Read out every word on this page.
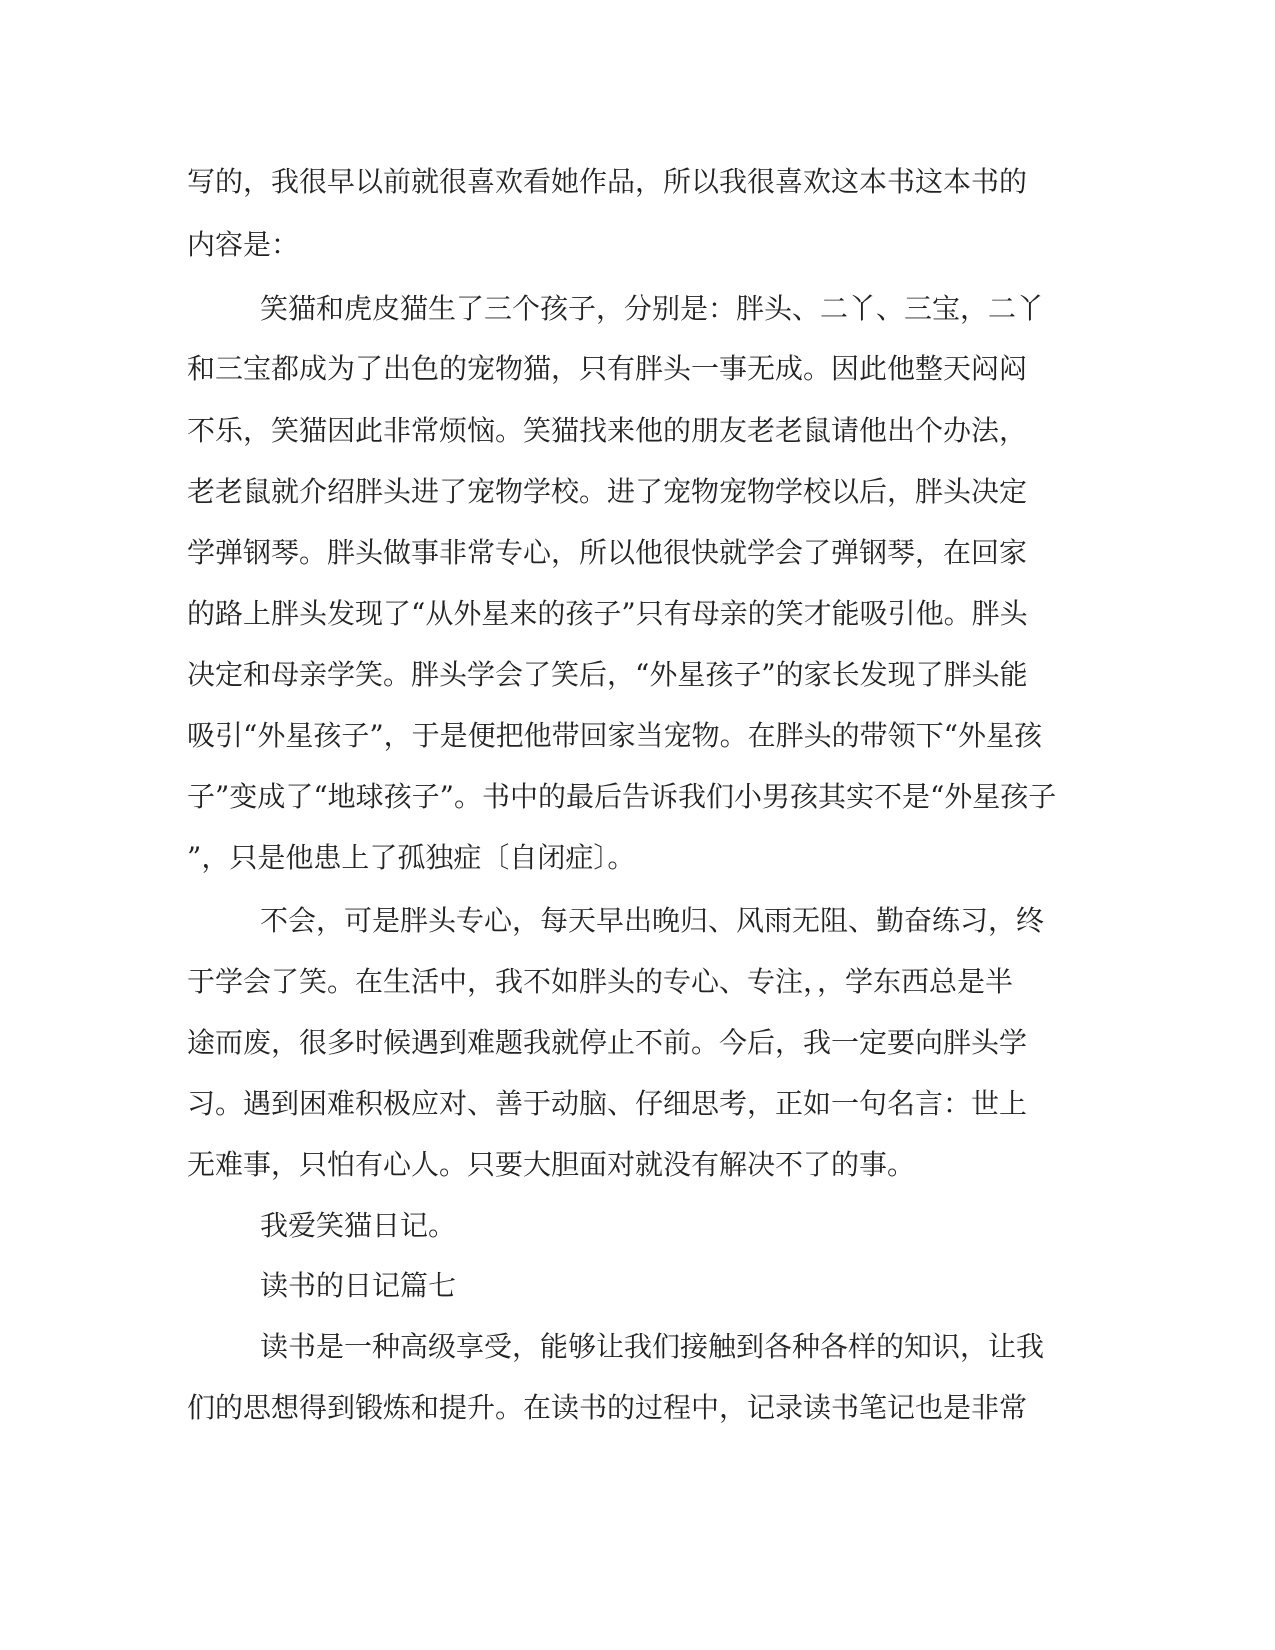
写的，我很早以前就很喜欢看她作品，所以我很喜欢这本书这本书的
内容是：
笑猫和虎皮猫生了三个孩子，分别是：胖头、二丫、三宝，二丫
和三宝都成为了出色的宠物猫，只有胖头一事无成。因此他整天闷闷
不乐，笑猫因此非常烦恼。笑猫找来他的朋友老老鼠请他出个办法，
老老鼠就介绍胖头进了宠物学校。进了宠物宠物学校以后，胖头决定
学弹钢琴。胖头做事非常专心，所以他很快就学会了弹钢琴，在回家
的路上胖头发现了“从外星来的孩子”只有母亲的笑才能吸引他。胖头
决定和母亲学笑。胖头学会了笑后，“外星孩子”的家长发现了胖头能
吸引“外星孩子”，于是便把他带回家当宠物。在胖头的带领下“外星孩
子”变成了“地球孩子”。书中的最后告诉我们小男孩其实不是“外星孩子
”，只是他患上了孤独症〔自闭症〕。
不会，可是胖头专心，每天早出晚归、风雨无阻、勤奋练习，终
于学会了笑。在生活中，我不如胖头的专心、专注，，学东西总是半
途而废，很多时候遇到难题我就停止不前。今后，我一定要向胖头学
习。遇到困难积极应对、善于动脑、仔细思考，正如一句名言：世上
无难事，只怕有心人。只要大胆面对就没有解决不了的事。
我爱笑猫日记。
读书的日记篇七
读书是一种高级享受，能够让我们接触到各种各样的知识，让我
们的思想得到锻炼和提升。在读书的过程中，记录读书笔记也是非常
